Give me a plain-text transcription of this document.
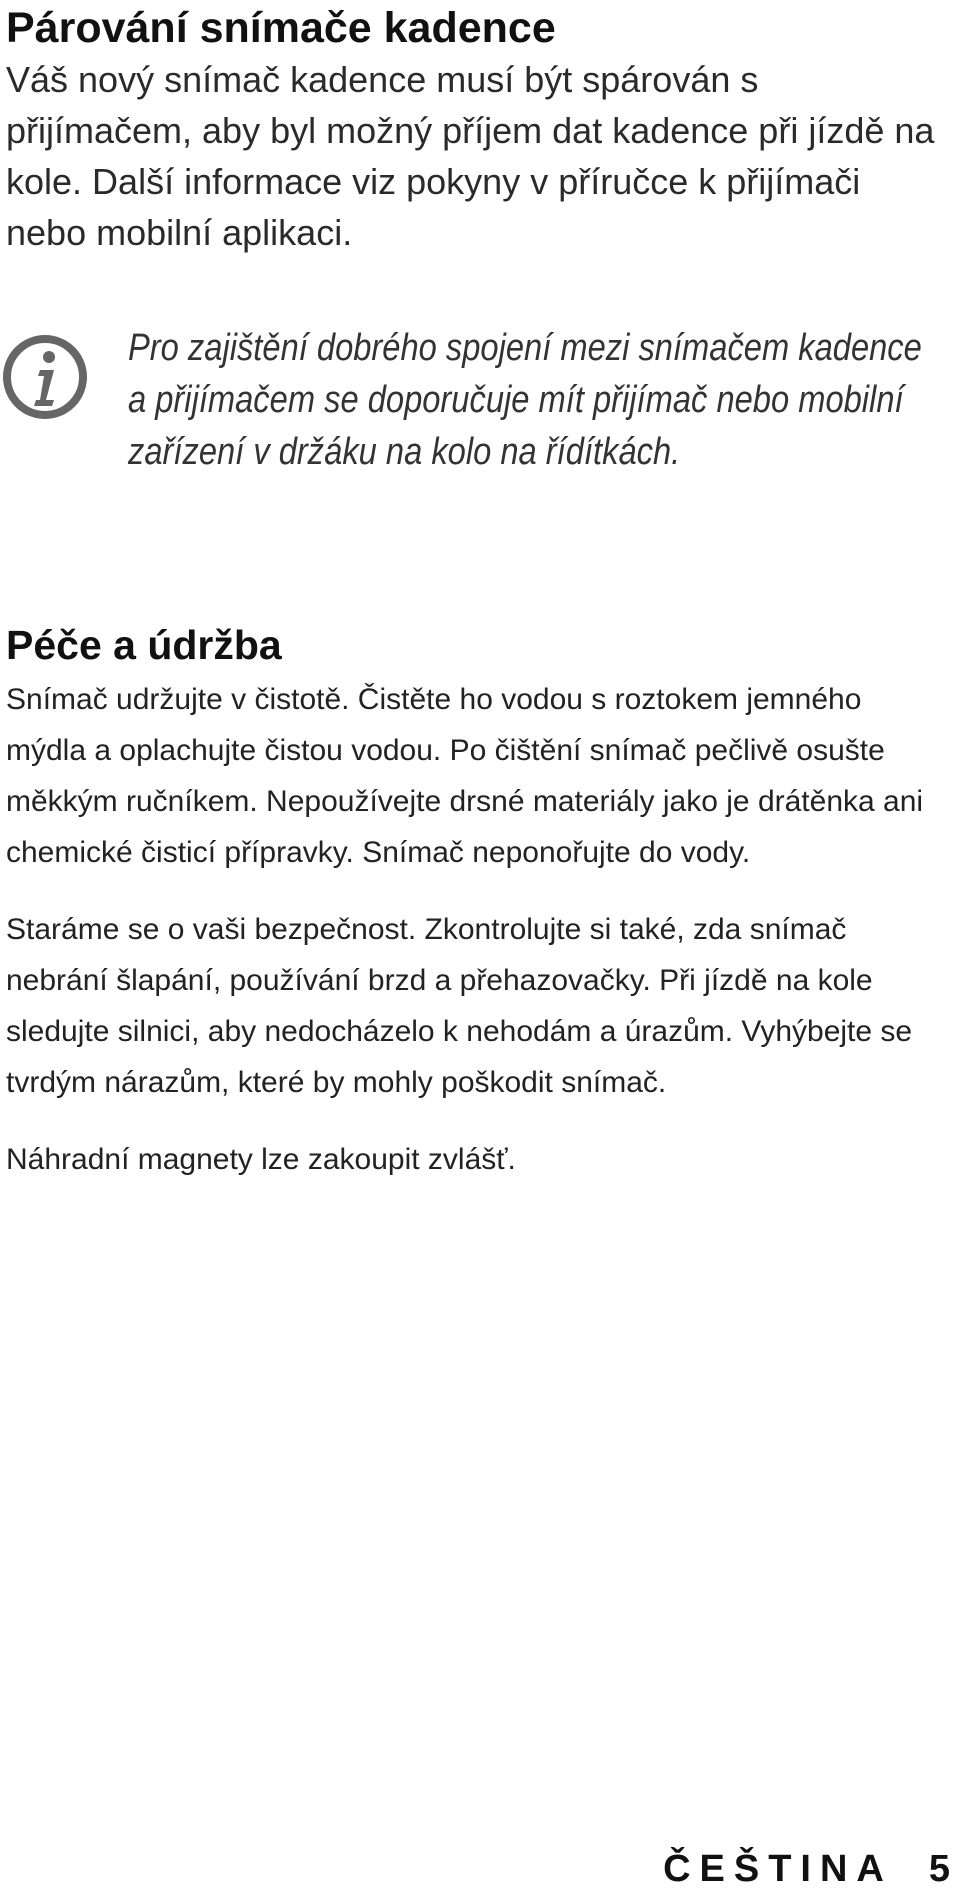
Párování snímače kadence

Váš nový snímač kadence musí být spárován s přijímačem, aby byl možný příjem dat kadence při jízdě na kole. Další informace viz pokyny v příručce k přijímači nebo mobilní aplikaci.

Pro zajištění dobrého spojení mezi snímačem kadence a přijímačem se doporučuje mít přijímač nebo mobilní zařízení v držáku na kolo na řídítkách.

Péče a údržba

Snímač udržujte v čistotě. Čistěte ho vodou s roztokem jemného mýdla a oplachujte čistou vodou. Po čištění snímač pečlivě osušte měkkým ručníkem. Nepoužívejte drsné materiály jako je drátěnka ani chemické čisticí přípravky. Snímač neponořujte do vody.

Staráme se o vaši bezpečnost. Zkontrolujte si také, zda snímač nebrání šlapání, používání brzd a přehazovačky. Při jízdě na kole sledujte silnici, aby nedocházelo k nehodám a úrazům. Vyhýbejte se tvrdým nárazům, které by mohly poškodit snímač.

Náhradní magnety lze zakoupit zvlášť.

ČEŠTINA 5
